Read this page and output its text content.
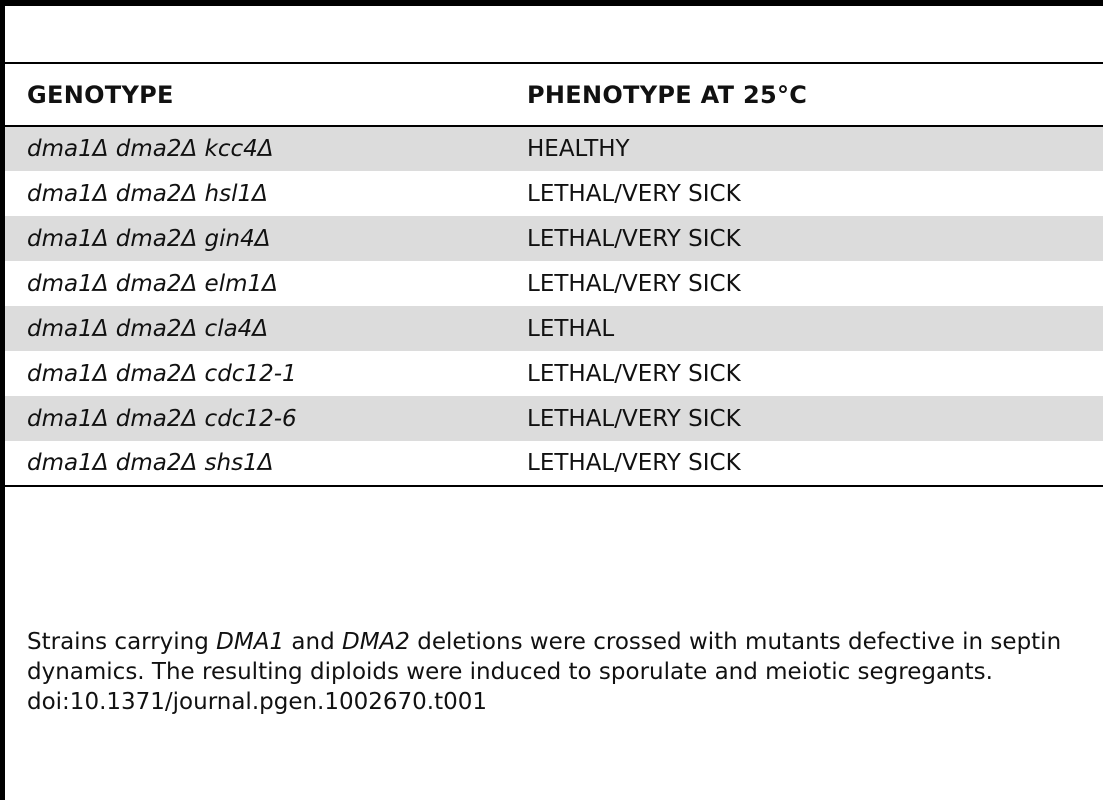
GENOTYPE	PHENOTYPE AT 25°C
dma1Δ dma2Δ kcc4Δ	HEALTHY
dma1Δ dma2Δ hsl1Δ	LETHAL/VERY SICK
dma1Δ dma2Δ gin4Δ	LETHAL/VERY SICK
dma1Δ dma2Δ elm1Δ	LETHAL/VERY SICK
dma1Δ dma2Δ cla4Δ	LETHAL
dma1Δ dma2Δ cdc12-1	LETHAL/VERY SICK
dma1Δ dma2Δ cdc12-6	LETHAL/VERY SICK
dma1Δ dma2Δ shs1Δ	LETHAL/VERY SICK

Strains carrying DMA1 and DMA2 deletions were crossed with mutants defective in septin dynamics. The resulting diploids were induced to sporulate and meiotic segregants.

doi:10.1371/journal.pgen.1002670.t001
